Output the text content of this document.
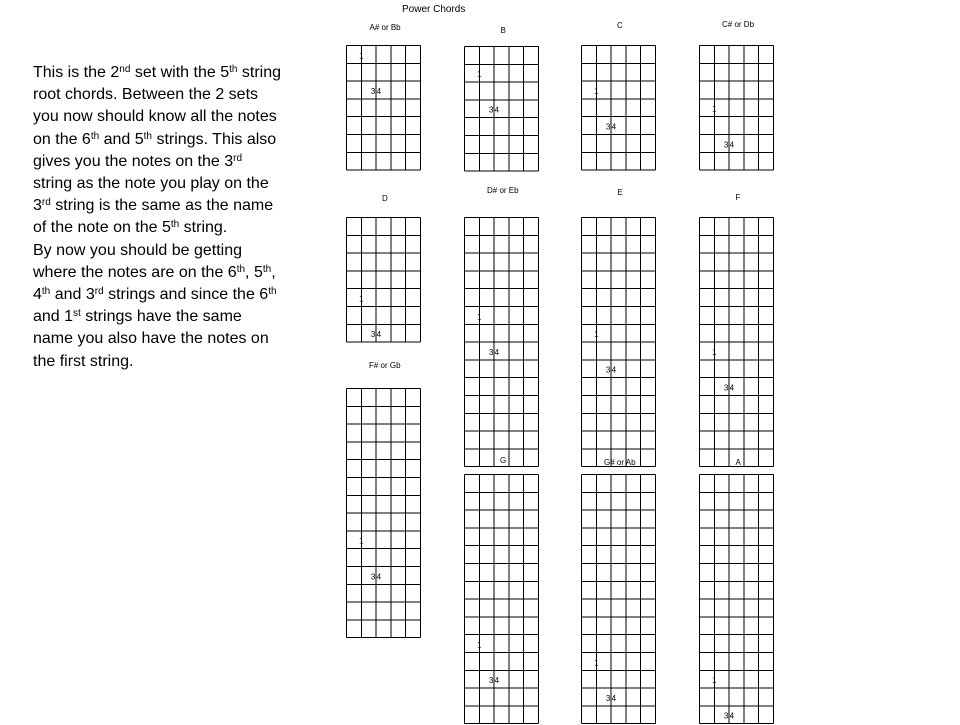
This is the 2nd set with the 5th string root chords. Between the 2 sets you now should know all the notes on the 6th and 5th strings. This also gives you the notes on the 3rd string as the note you play on the 3rd string is the same as the name of the note on the 5th string.

By now you should be getting where the notes are on the 6th, 5th, 4th and 3rd strings and since the 6th and 1st strings have the same name you also have the notes on the first string.

Power Chords
A# or Bb
1
3 4
B
1
3 4
C
1
3 4
C# or Db
1
3 4
D
1
3 4
D# or Eb
1
3 4
E
1
3 4
F
1
3 4
F# or Gb
1
3 4
G
1
3 4
G# or Ab
1
3 4
A
1
3 4
